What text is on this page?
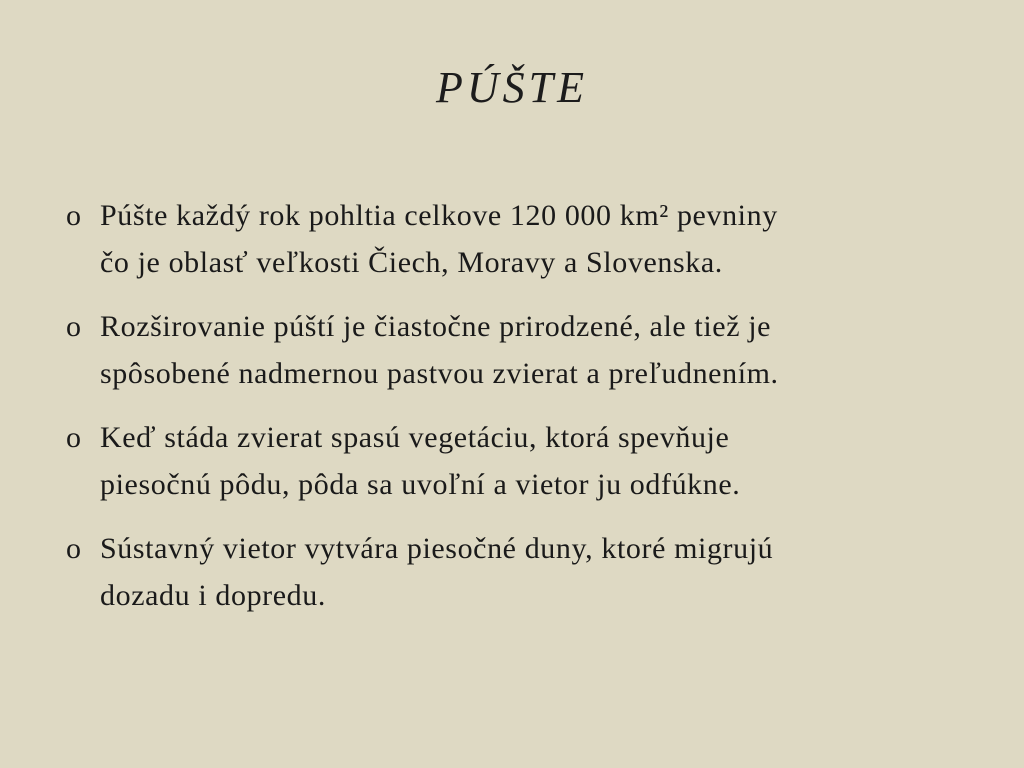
PÚŠTE
o Púšte každý rok pohltia celkove 120 000 km² pevniny
čo je oblasť veľkosti Čiech, Moravy a Slovenska.
o Rozširovanie púští je čiastočne prirodzené, ale tiež je
spôsobené nadmernou pastvou zvierat a preľudnením.
o Keď stáda zvierat spasú vegetáciu, ktorá spevňuje
piesočnú pôdu, pôda sa uvoľní a vietor ju odfúkne.
o Sústavný vietor vytvára piesočné duny, ktoré migrujú
dozadu i dopredu.
